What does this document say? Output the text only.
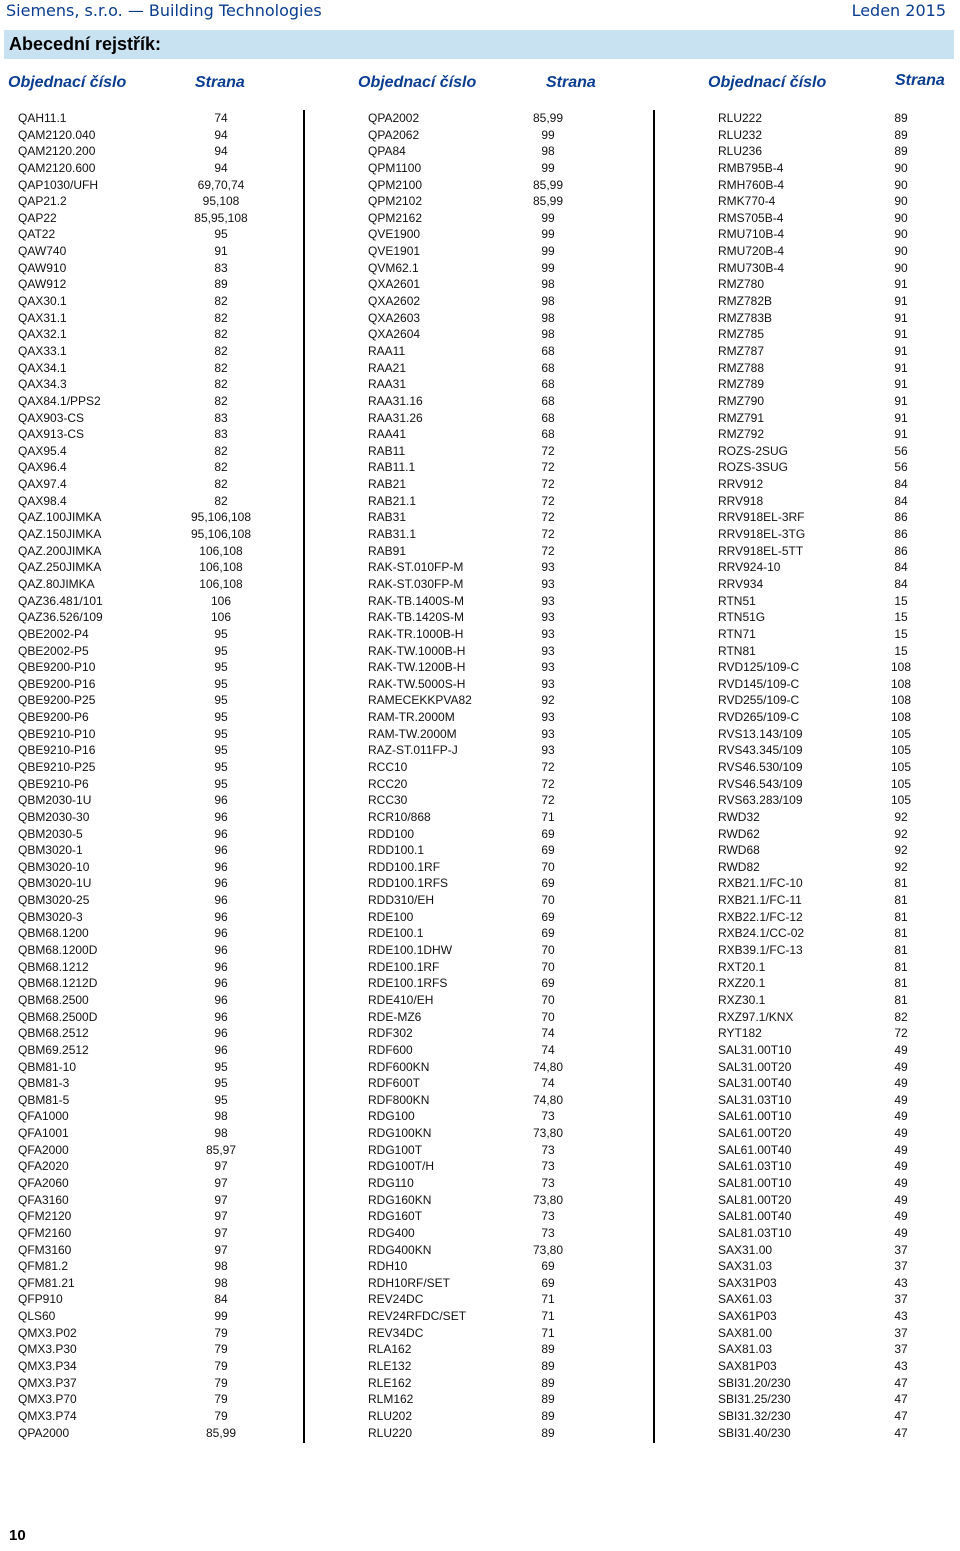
Siemens, s.r.o. — Building Technologies	Leden 2015
Abecední rejstřík:
Objednací číslo	Strana	Objednací číslo	Strana	Objednací číslo	Strana
QAH11.1	74
QAM2120.040	94
QAM2120.200	94
QAM2120.600	94
QAP1030/UFH	69,70,74
QAP21.2	95,108
QAP22	85,95,108
QAT22	95
QAW740	91
QAW910	83
QAW912	89
QAX30.1	82
QAX31.1	82
QAX32.1	82
QAX33.1	82
QAX34.1	82
QAX34.3	82
QAX84.1/PPS2	82
QAX903-CS	83
QAX913-CS	83
QAX95.4	82
QAX96.4	82
QAX97.4	82
QAX98.4	82
QAZ.100JIMKA	95,106,108
QAZ.150JIMKA	95,106,108
QAZ.200JIMKA	106,108
QAZ.250JIMKA	106,108
QAZ.80JIMKA	106,108
QAZ36.481/101	106
QAZ36.526/109	106
QBE2002-P4	95
QBE2002-P5	95
QBE9200-P10	95
QBE9200-P16	95
QBE9200-P25	95
QBE9200-P6	95
QBE9210-P10	95
QBE9210-P16	95
QBE9210-P25	95
QBE9210-P6	95
QBM2030-1U	96
QBM2030-30	96
QBM2030-5	96
QBM3020-1	96
QBM3020-10	96
QBM3020-1U	96
QBM3020-25	96
QBM3020-3	96
QBM68.1200	96
QBM68.1200D	96
QBM68.1212	96
QBM68.1212D	96
QBM68.2500	96
QBM68.2500D	96
QBM68.2512	96
QBM69.2512	96
QBM81-10	95
QBM81-3	95
QBM81-5	95
QFA1000	98
QFA1001	98
QFA2000	85,97
QFA2020	97
QFA2060	97
QFA3160	97
QFM2120	97
QFM2160	97
QFM3160	97
QFM81.2	98
QFM81.21	98
QFP910	84
QLS60	99
QMX3.P02	79
QMX3.P30	79
QMX3.P34	79
QMX3.P37	79
QMX3.P70	79
QMX3.P74	79
QPA2000	85,99
QPA2002	85,99
QPA2062	99
QPA84	98
QPM1100	99
QPM2100	85,99
QPM2102	85,99
QPM2162	99
QVE1900	99
QVE1901	99
QVM62.1	99
QXA2601	98
QXA2602	98
QXA2603	98
QXA2604	98
RAA11	68
RAA21	68
RAA31	68
RAA31.16	68
RAA31.26	68
RAA41	68
RAB11	72
RAB11.1	72
RAB21	72
RAB21.1	72
RAB31	72
RAB31.1	72
RAB91	72
RAK-ST.010FP-M	93
RAK-ST.030FP-M	93
RAK-TB.1400S-M	93
RAK-TB.1420S-M	93
RAK-TR.1000B-H	93
RAK-TW.1000B-H	93
RAK-TW.1200B-H	93
RAK-TW.5000S-H	93
RAMECEKKPVA82	92
RAM-TR.2000M	93
RAM-TW.2000M	93
RAZ-ST.011FP-J	93
RCC10	72
RCC20	72
RCC30	72
RCR10/868	71
RDD100	69
RDD100.1	69
RDD100.1RF	70
RDD100.1RFS	69
RDD310/EH	70
RDE100	69
RDE100.1	69
RDE100.1DHW	70
RDE100.1RF	70
RDE100.1RFS	69
RDE410/EH	70
RDE-MZ6	70
RDF302	74
RDF600	74
RDF600KN	74,80
RDF600T	74
RDF800KN	74,80
RDG100	73
RDG100KN	73,80
RDG100T	73
RDG100T/H	73
RDG110	73
RDG160KN	73,80
RDG160T	73
RDG400	73
RDG400KN	73,80
RDH10	69
RDH10RF/SET	69
REV24DC	71
REV24RFDC/SET	71
REV34DC	71
RLA162	89
RLE132	89
RLE162	89
RLM162	89
RLU202	89
RLU220	89
RLU222	89
RLU232	89
RLU236	89
RMB795B-4	90
RMH760B-4	90
RMK770-4	90
RMS705B-4	90
RMU710B-4	90
RMU720B-4	90
RMU730B-4	90
RMZ780	91
RMZ782B	91
RMZ783B	91
RMZ785	91
RMZ787	91
RMZ788	91
RMZ789	91
RMZ790	91
RMZ791	91
RMZ792	91
ROZS-2SUG	56
ROZS-3SUG	56
RRV912	84
RRV918	84
RRV918EL-3RF	86
RRV918EL-3TG	86
RRV918EL-5TT	86
RRV924-10	84
RRV934	84
RTN51	15
RTN51G	15
RTN71	15
RTN81	15
RVD125/109-C	108
RVD145/109-C	108
RVD255/109-C	108
RVD265/109-C	108
RVS13.143/109	105
RVS43.345/109	105
RVS46.530/109	105
RVS46.543/109	105
RVS63.283/109	105
RWD32	92
RWD62	92
RWD68	92
RWD82	92
RXB21.1/FC-10	81
RXB21.1/FC-11	81
RXB22.1/FC-12	81
RXB24.1/CC-02	81
RXB39.1/FC-13	81
RXT20.1	81
RXZ20.1	81
RXZ30.1	81
RXZ97.1/KNX	82
RYT182	72
SAL31.00T10	49
SAL31.00T20	49
SAL31.00T40	49
SAL31.03T10	49
SAL61.00T10	49
SAL61.00T20	49
SAL61.00T40	49
SAL61.03T10	49
SAL81.00T10	49
SAL81.00T20	49
SAL81.00T40	49
SAL81.03T10	49
SAX31.00	37
SAX31.03	37
SAX31P03	43
SAX61.03	37
SAX61P03	43
SAX81.00	37
SAX81.03	37
SAX81P03	43
SBI31.20/230	47
SBI31.25/230	47
SBI31.32/230	47
SBI31.40/230	47
10
